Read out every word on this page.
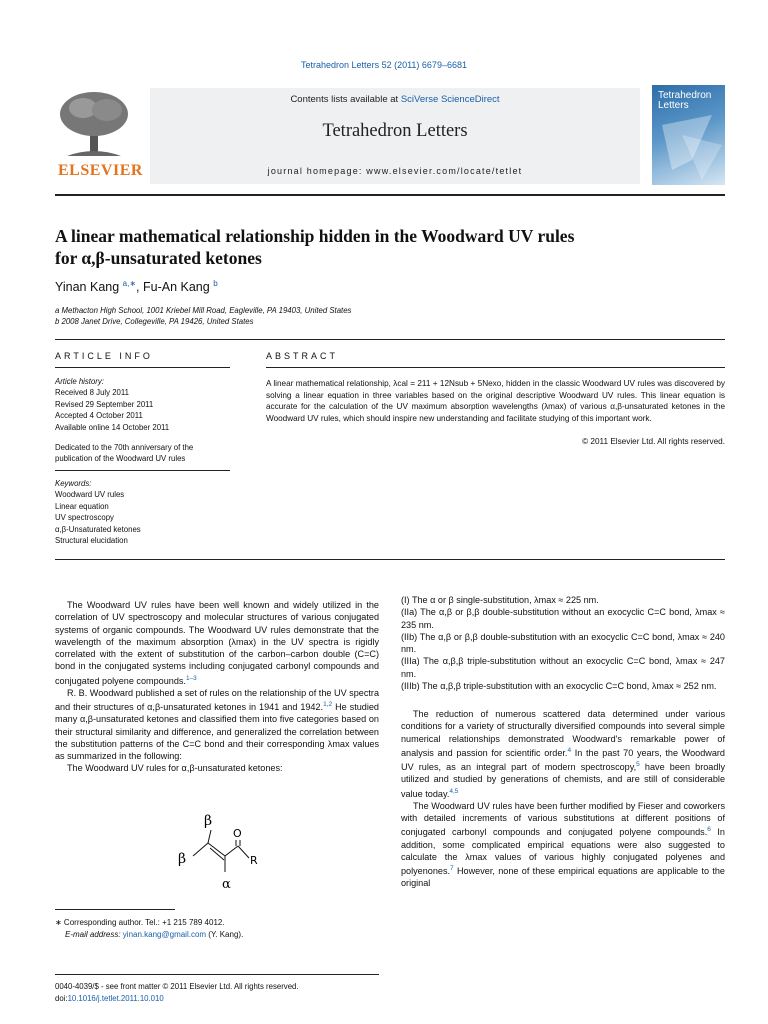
Tetrahedron Letters 52 (2011) 6679–6681
ELSEVIER
Contents lists available at SciVerse ScienceDirect
Tetrahedron Letters
journal homepage: www.elsevier.com/locate/tetlet
Tetrahedron
Letters
A linear mathematical relationship hidden in the Woodward UV rules
for α,β-unsaturated ketones
Yinan Kang $^{a,∗}$, Fu-An Kang $^b$
a Methacton High School, 1001 Kriebel Mill Road, Eagleville, PA 19403, United States
b 2008 Janet Drive, Collegeville, PA 19426, United States
ARTICLE INFO	ABSTRACT
Article history:
Received 8 July 2011
Revised 29 September 2011
Accepted 4 October 2011
Available online 14 October 2011
Dedicated to the 70th anniversary of the
publication of the Woodward UV rules
Keywords:
Woodward UV rules
Linear equation
UV spectroscopy
α,β-Unsaturated ketones
Structural elucidation
A linear mathematical relationship, λcal = 211 + 12Nsub + 5Nexo, hidden in the classic Woodward UV rules was discovered by solving a linear equation in three variables based on the original descriptive Woodward UV rules. This linear equation is accurate for the calculation of the UV maximum absorption wavelengths (λmax) of various α,β-unsaturated ketones in the Woodward UV rules, which should inspire new understanding and facilitate studying of this important work.
© 2011 Elsevier Ltd. All rights reserved.

The Woodward UV rules have been well known and widely utilized in the correlation of UV spectroscopy and molecular structures of various conjugated systems of organic compounds. The Woodward UV rules demonstrate that the wavelength of the maximum absorption (λmax) in the UV spectra is rigidly correlated with the extent of substitution of the carbon–carbon double (C=C) bond in the conjugated systems including conjugated carbonyl compounds and conjugated polyene compounds.$^{1-3}$

R. B. Woodward published a set of rules on the relationship of the UV spectra and their structures of α,β-unsaturated ketones in 1941 and 1942.$^{1,2}$ He studied many α,β-unsaturated ketones and classified them into five categories based on their structural similarity and difference, and generalized the correlation between the substitution patterns of the C=C bond and their corresponding λmax values as summarized in the following:

The Woodward UV rules for α,β-unsaturated ketones:

β
β
α
O
R

(I) The α or β single-substitution, λmax ≈ 225 nm.

(IIa) The α,β or β,β double-substitution without an exocyclic C=C bond, λmax ≈ 235 nm.

(IIb) The α,β or β,β double-substitution with an exocyclic C=C bond, λmax ≈ 240 nm.

(IIIa) The α,β,β triple-substitution without an exocyclic C=C bond, λmax ≈ 247 nm.

(IIIb) The α,β,β triple-substitution with an exocyclic C=C bond, λmax ≈ 252 nm.

The reduction of numerous scattered data determined under various conditions for a variety of structurally diversified compounds into several simple numerical relationships demonstrated Woodward's remarkable power of analysis and passion for scientific order.$^4$ In the past 70 years, the Woodward UV rules, as an integral part of modern spectroscopy,$^5$ have been broadly utilized and studied by generations of chemists, and are still of considerable value today.$^{4,5}$

The Woodward UV rules have been further modified by Fieser and coworkers with detailed increments of various substitutions at different positions of conjugated carbonyl compounds and conjugated polyene compounds.$^6$ In addition, some complicated empirical equations were also suggested to calculate the λmax values of various highly conjugated polyenes and polyenones.$^7$ However, none of these empirical equations are applicable to the original

∗ Corresponding author. Tel.: +1 215 789 4012.
E-mail address: yinan.kang@gmail.com (Y. Kang).
0040-4039/$ - see front matter © 2011 Elsevier Ltd. All rights reserved.
doi:10.1016/j.tetlet.2011.10.010
